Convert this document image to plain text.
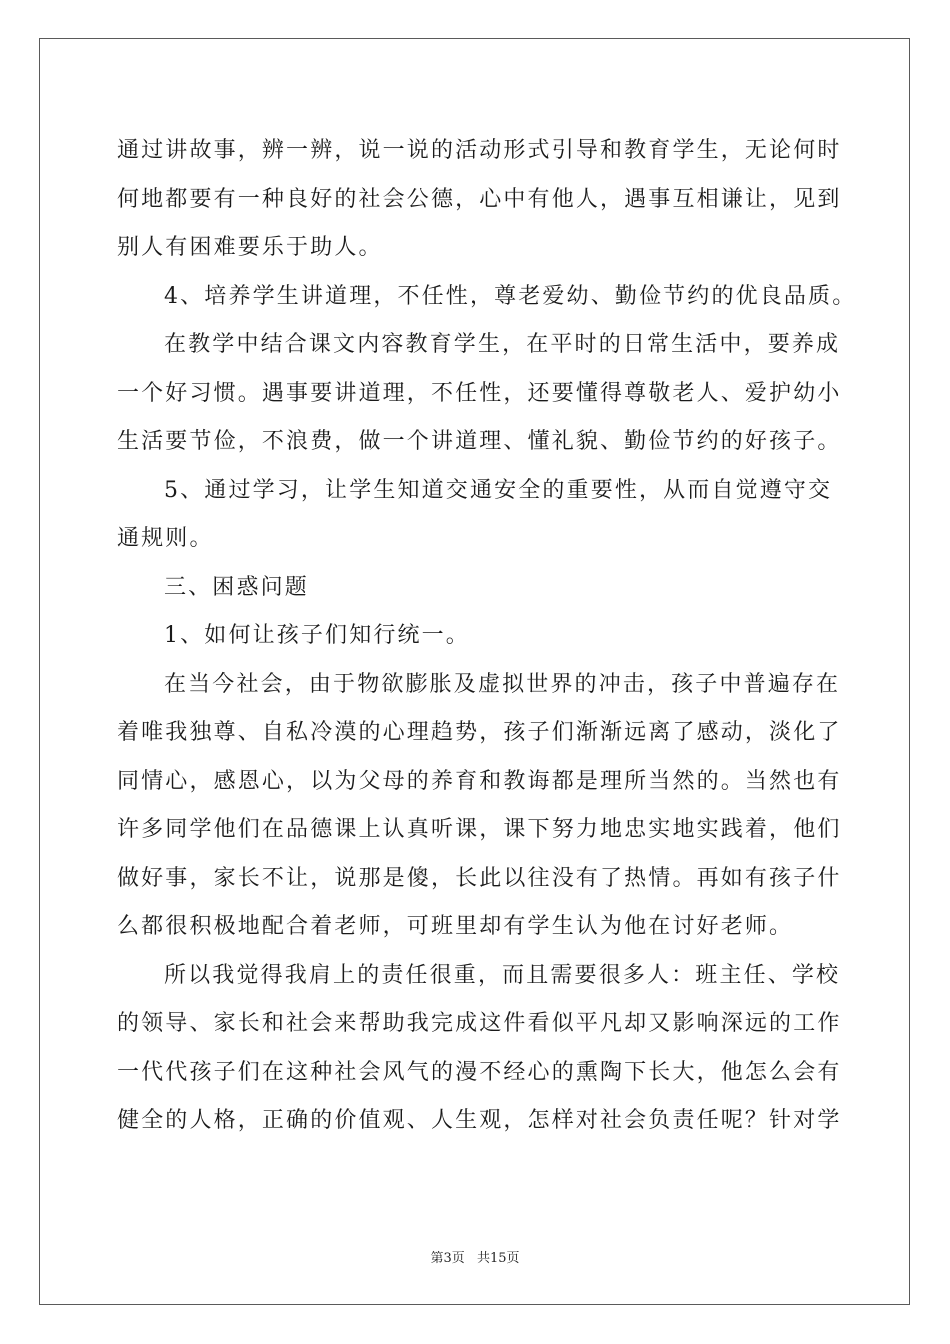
通过讲故事，辨一辨，说一说的活动形式引导和教育学生，无论何时
何地都要有一种良好的社会公德，心中有他人，遇事互相谦让，见到
别人有困难要乐于助人。
4、培养学生讲道理，不任性，尊老爱幼、勤俭节约的优良品质。
在教学中结合课文内容教育学生，在平时的日常生活中，要养成
一个好习惯。遇事要讲道理，不任性，还要懂得尊敬老人、爱护幼小
生活要节俭，不浪费，做一个讲道理、懂礼貌、勤俭节约的好孩子。
5、通过学习，让学生知道交通安全的重要性，从而自觉遵守交
通规则。
三、困惑问题
1、如何让孩子们知行统一。
在当今社会，由于物欲膨胀及虚拟世界的冲击，孩子中普遍存在
着唯我独尊、自私冷漠的心理趋势，孩子们渐渐远离了感动，淡化了
同情心，感恩心，以为父母的养育和教诲都是理所当然的。当然也有
许多同学他们在品德课上认真听课，课下努力地忠实地实践着，他们
做好事，家长不让，说那是傻，长此以往没有了热情。再如有孩子什
么都很积极地配合着老师，可班里却有学生认为他在讨好老师。
所以我觉得我肩上的责任很重，而且需要很多人：班主任、学校
的领导、家长和社会来帮助我完成这件看似平凡却又影响深远的工作
一代代孩子们在这种社会风气的漫不经心的熏陶下长大，他怎么会有
健全的人格，正确的价值观、人生观，怎样对社会负责任呢？针对学
第3页 共15页
